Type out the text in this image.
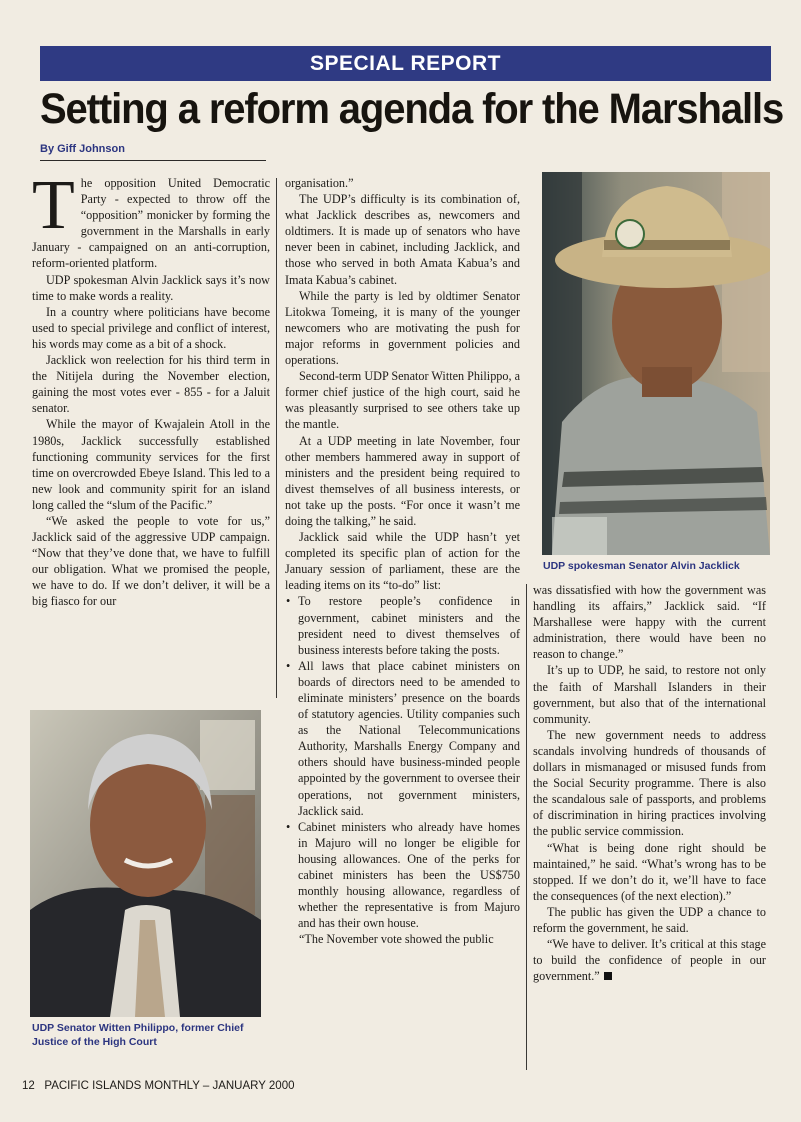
SPECIAL REPORT
Setting a reform agenda for the Marshalls
By Giff Johnson

The opposition United Democratic Party - expected to throw off the “opposition” monicker by forming the government in the Marshalls in early January - campaigned on an anti-corruption, reform-oriented platform.

UDP spokesman Alvin Jacklick says it’s now time to make words a reality.

In a country where politicians have become used to special privilege and conflict of interest, his words may come as a bit of a shock.

Jacklick won reelection for his third term in the Nitijela during the November election, gaining the most votes ever - 855 - for a Jaluit senator.

While the mayor of Kwajalein Atoll in the 1980s, Jacklick successfully established functioning community services for the first time on overcrowded Ebeye Island. This led to a new look and community spirit for an island long called the “slum of the Pacific.”

“We asked the people to vote for us,” Jacklick said of the aggressive UDP campaign. “Now that they’ve done that, we have to fulfill our obligation. What we promised the people, we have to do. If we don’t deliver, it will be a big fiasco for our

organisation.”

The UDP’s difficulty is its combination of, what Jacklick describes as, newcomers and oldtimers. It is made up of senators who have never been in cabinet, including Jacklick, and those who served in both Amata Kabua’s and Imata Kabua’s cabinet.

While the party is led by oldtimer Senator Litokwa Tomeing, it is many of the younger newcomers who are motivating the push for major reforms in government policies and operations.

Second-term UDP Senator Witten Philippo, a former chief justice of the high court, said he was pleasantly surprised to see others take up the mantle.

At a UDP meeting in late November, four other members hammered away in support of ministers and the president being required to divest themselves of all business interests, or not take up the posts. “For once it wasn’t me doing the talking,” he said.

Jacklick said while the UDP hasn’t yet completed its specific plan of action for the January session of parliament, these are the leading items on its “to-do” list:

• To restore people’s confidence in government, cabinet ministers and the president need to divest themselves of business interests before taking the posts.
• All laws that place cabinet ministers on boards of directors need to be amended to eliminate ministers’ presence on the boards of statutory agencies. Utility companies such as the National Telecommunications Authority, Marshalls Energy Company and others should have business-minded people appointed by the government to oversee their operations, not government ministers, Jacklick said.
• Cabinet ministers who already have homes in Majuro will no longer be eligible for housing allowances. One of the perks for cabinet ministers has been the US$750 monthly housing allowance, regardless of whether the representative is from Majuro and has their own house.

“The November vote showed the public

UDP spokesman Senator Alvin Jacklick
UDP Senator Witten Philippo, former Chief Justice of the High Court

was dissatisfied with how the government was handling its affairs,” Jacklick said. “If Marshallese were happy with the current administration, there would have been no reason to change.”

It’s up to UDP, he said, to restore not only the faith of Marshall Islanders in their government, but also that of the international community.

The new government needs to address scandals involving hundreds of thousands of dollars in mismanaged or misused funds from the Social Security programme. There is also the scandalous sale of passports, and problems of discrimination in hiring practices involving the public service commission.

“What is being done right should be maintained,” he said. “What’s wrong has to be stopped. If we don’t do it, we’ll have to face the consequences (of the next election).”

The public has given the UDP a chance to reform the government, he said.

“We have to deliver. It’s critical at this stage to build the confidence of people in our government.”

12   PACIFIC ISLANDS MONTHLY – JANUARY 2000
